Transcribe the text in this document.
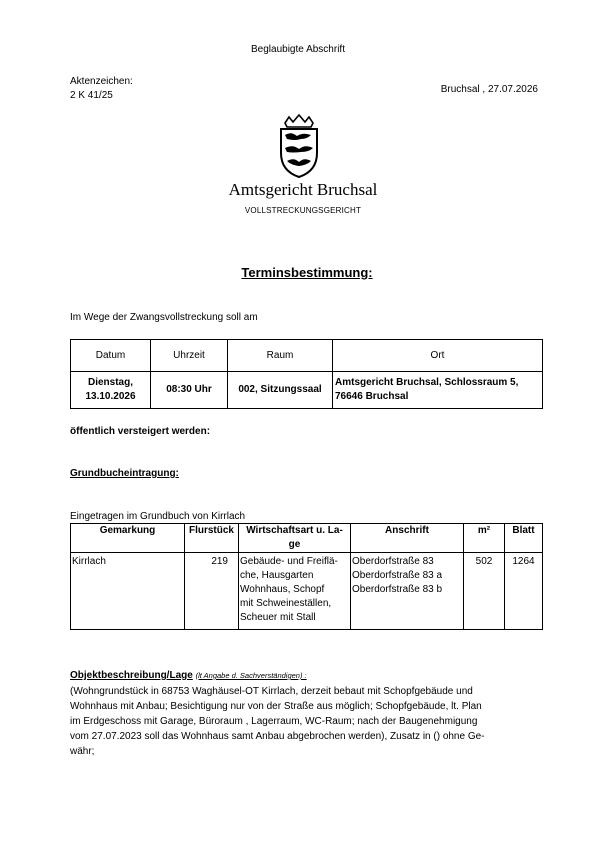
Beglaubigte Abschrift
Aktenzeichen:
2 K 41/25
Bruchsal , 27.07.2026
Amtsgericht Bruchsal
VOLLSTRECKUNGSGERICHT
Terminsbestimmung:
Im Wege der Zwangsvollstreckung soll am
Datum	Uhrzeit	Raum	Ort

Dienstag,
13.10.2026	08:30 Uhr	002, Sitzungssaal	Amtsgericht Bruchsal, Schlossraum 5,
76646 Bruchsal
öffentlich versteigert werden:
Grundbucheintragung:
Eingetragen im Grundbuch von Kirrlach
Gemarkung	Flurstück	Wirtschaftsart u. La-
ge	Anschrift	m²	Blatt
Kirrlach	219	Gebäude- und Freiflä-
che, Hausgarten
Wohnhaus, Schopf
mit Schweineställen,
Scheuer mit Stall	Oberdorfstraße 83
Oberdorfstraße 83 a
Oberdorfstraße 83 b	502	1264
Objektbeschreibung/Lage (lt Angabe d. Sachverständigen) :
(Wohngrundstück in 68753 Waghäusel-OT Kirrlach, derzeit bebaut mit Schopfgebäude und
Wohnhaus mit Anbau; Besichtigung nur von der Straße aus möglich; Schopfgebäude, lt. Plan
im Erdgeschoss mit Garage, Büroraum , Lagerraum, WC-Raum; nach der Baugenehmigung
vom 27.07.2023 soll das Wohnhaus samt Anbau abgebrochen werden), Zusatz in () ohne Ge-
währ;
